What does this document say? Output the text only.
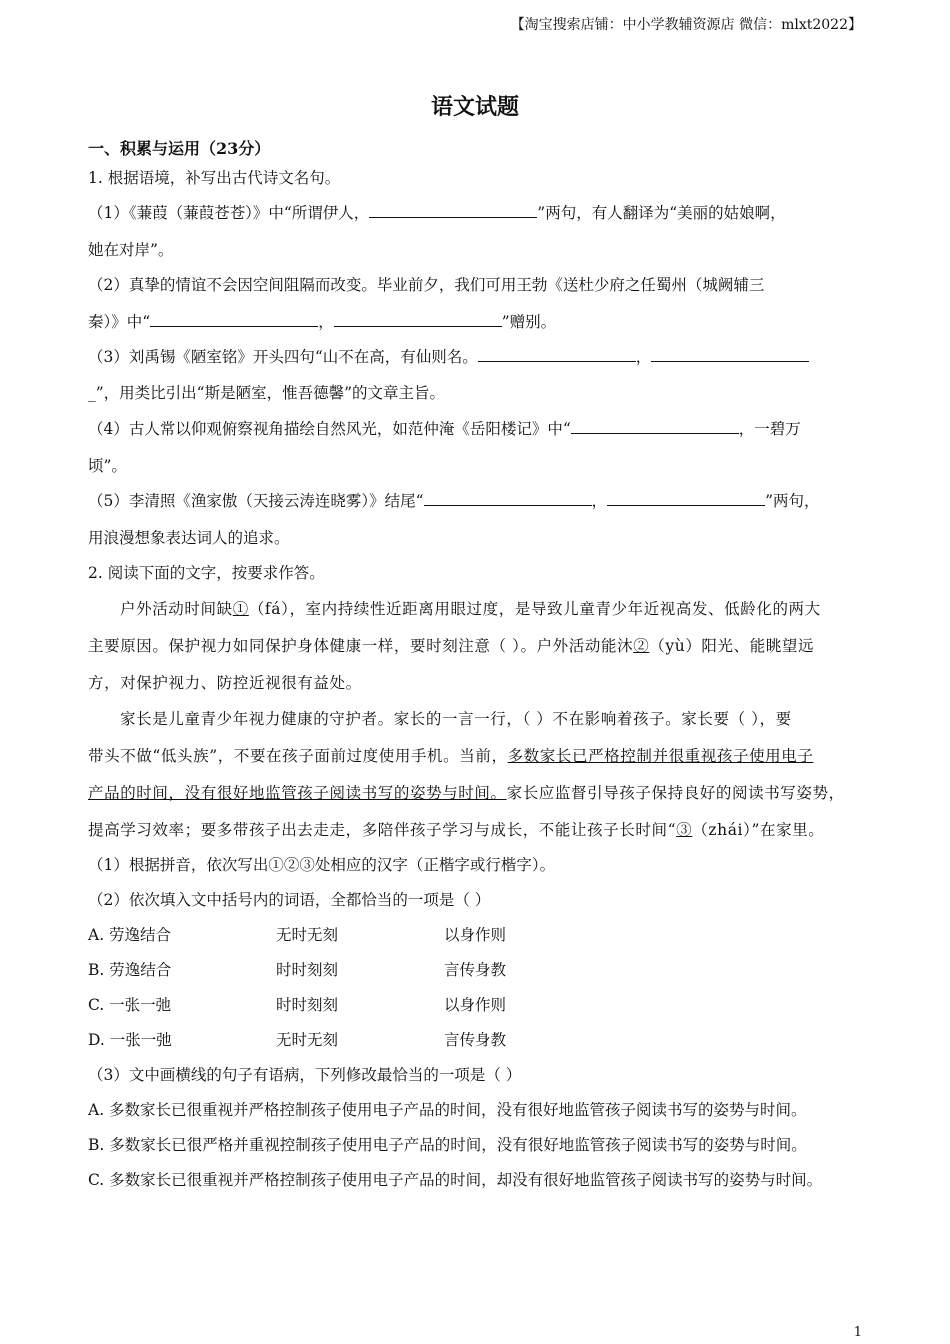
【淘宝搜索店铺：中小学教辅资源店 微信：mlxt2022】
语文试题
一、积累与运用（23分）
1. 根据语境，补写出古代诗文名句。
（1）《蒹葭（蒹葭苍苍）》中“所谓伊人，	”两句，有人翻译为“美丽的姑娘啊，
她在对岸”。
（2）真挚的情谊不会因空间阻隔而改变。毕业前夕，我们可用王勃《送杜少府之任蜀州（城阙辅三
秦）》中“	，	”赠别。
（3）刘禹锡《陋室铭》开头四句“山不在高，有仙则名。	，
_”，用类比引出“斯是陋室，惟吾德馨”的文章主旨。
（4）古人常以仰观俯察视角描绘自然风光，如范仲淹《岳阳楼记》中“	，一碧万
顷”。
（5）李清照《渔家傲（天接云涛连晓雾）》结尾“	，	”两句，
用浪漫想象表达词人的追求。
2. 阅读下面的文字，按要求作答。
户外活动时间缺①（fá），室内持续性近距离用眼过度，是导致儿童青少年近视高发、低龄化的两大
主要原因。保护视力如同保护身体健康一样，要时刻注意（ ）。户外活动能沐②（yù）阳光、能眺望远
方，对保护视力、防控近视很有益处。
家长是儿童青少年视力健康的守护者。家长的一言一行，（ ）不在影响着孩子。家长要（ ），要
带头不做“低头族”，不要在孩子面前过度使用手机。当前，多数家长已严格控制并很重视孩子使用电子
产品的时间，没有很好地监管孩子阅读书写的姿势与时间。家长应监督引导孩子保持良好的阅读书写姿势，
提高学习效率；要多带孩子出去走走，多陪伴孩子学习与成长，不能让孩子长时间“③（zhái）”在家里。
（1）根据拼音，依次写出①②③处相应的汉字（正楷字或行楷字）。
（2）依次填入文中括号内的词语，全都恰当的一项是（ ）
A. 劳逸结合	无时无刻	以身作则
B. 劳逸结合	时时刻刻	言传身教
C. 一张一弛	时时刻刻	以身作则
D. 一张一弛	无时无刻	言传身教
（3）文中画横线的句子有语病，下列修改最恰当的一项是（ ）
A. 多数家长已很重视并严格控制孩子使用电子产品的时间，没有很好地监管孩子阅读书写的姿势与时间。
B. 多数家长已很严格并重视控制孩子使用电子产品的时间，没有很好地监管孩子阅读书写的姿势与时间。
C. 多数家长已很重视并严格控制孩子使用电子产品的时间，却没有很好地监管孩子阅读书写的姿势与时间。
1
